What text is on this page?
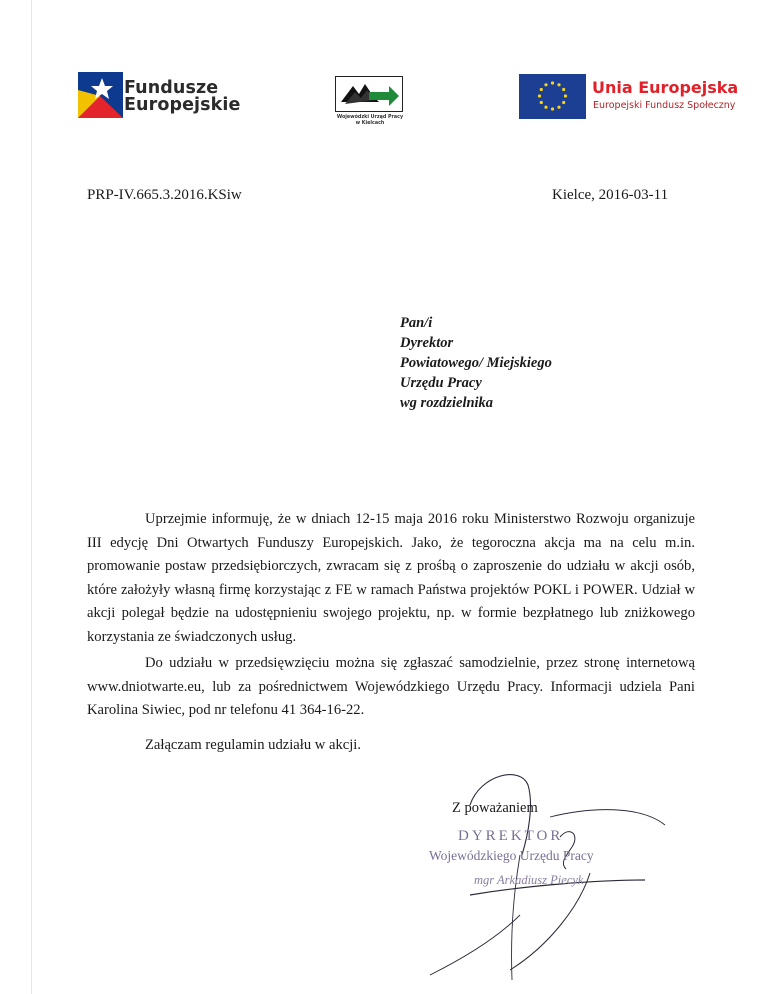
Fundusze
Europejskie
Wojewódzki Urząd Pracy
w Kielcach
Unia Europejska
Europejski Fundusz Społeczny
PRP-IV.665.3.2016.KSiw	Kielce, 2016-03-11
Pan/i
Dyrektor
Powiatowego/ Miejskiego
Urzędu Pracy
wg rozdzielnika
Uprzejmie informuję, że w dniach 12-15 maja 2016 roku Ministerstwo Rozwoju organizuje III edycję Dni Otwartych Funduszy Europejskich. Jako, że tegoroczna akcja ma na celu m.in. promowanie postaw przedsiębiorczych, zwracam się z prośbą o zaproszenie do udziału w akcji osób, które założyły własną firmę korzystając z FE w ramach Państwa projektów POKL i POWER. Udział w akcji polegał będzie na udostępnieniu swojego projektu, np. w formie bezpłatnego lub zniżkowego korzystania ze świadczonych usług.
Do udziału w przedsięwzięciu można się zgłaszać samodzielnie, przez stronę internetową www.dniotwarte.eu, lub za pośrednictwem Wojewódzkiego Urzędu Pracy. Informacji udziela Pani Karolina Siwiec, pod nr telefonu 41 364-16-22.
Załączam regulamin udziału w akcji.
Z poważaniem
DYREKTOR
Wojewódzkiego Urzędu Pracy
mgr Arkadiusz Piecyk
